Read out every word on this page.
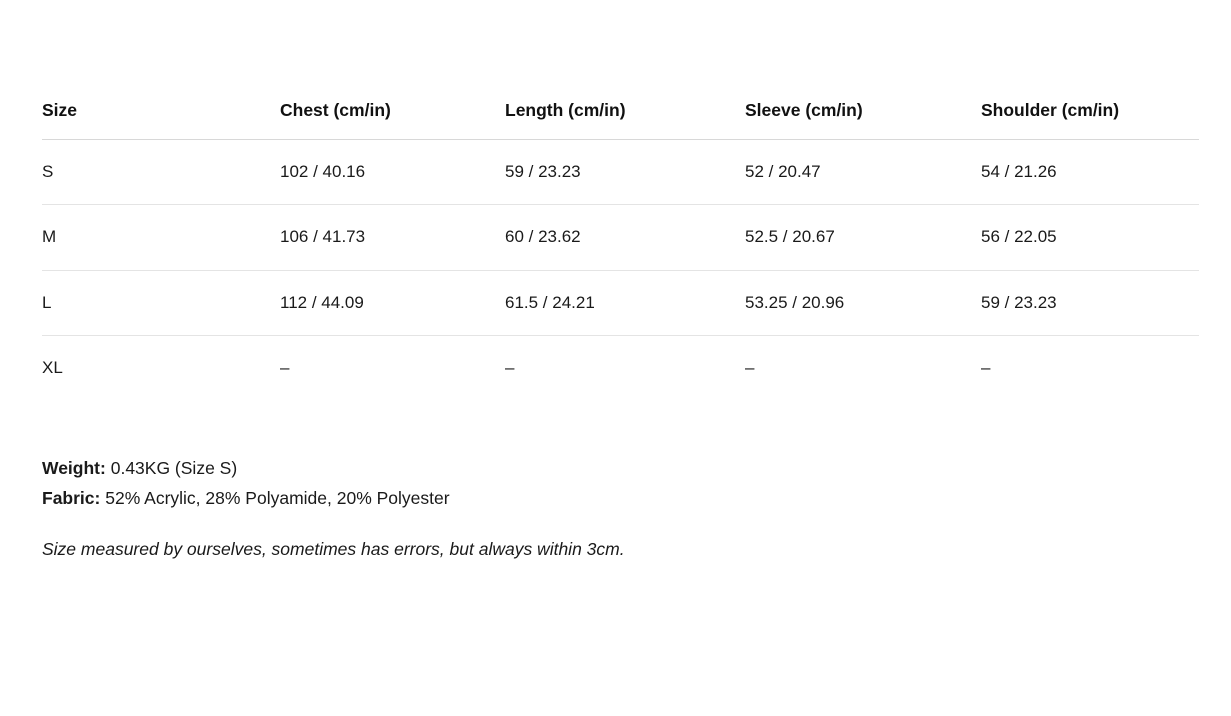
Size	Chest (cm/in)	Length (cm/in)	Sleeve (cm/in)	Shoulder (cm/in)
S	102 / 40.16	59 / 23.23	52 / 20.47	54 / 21.26
M	106 / 41.73	60 / 23.62	52.5 / 20.67	56 / 22.05
L	112 / 44.09	61.5 / 24.21	53.25 / 20.96	59 / 23.23
XL	–	–	–	–
Weight: 0.43KG (Size S)
Fabric: 52% Acrylic, 28% Polyamide, 20% Polyester
Size measured by ourselves, sometimes has errors, but always within 3cm.
